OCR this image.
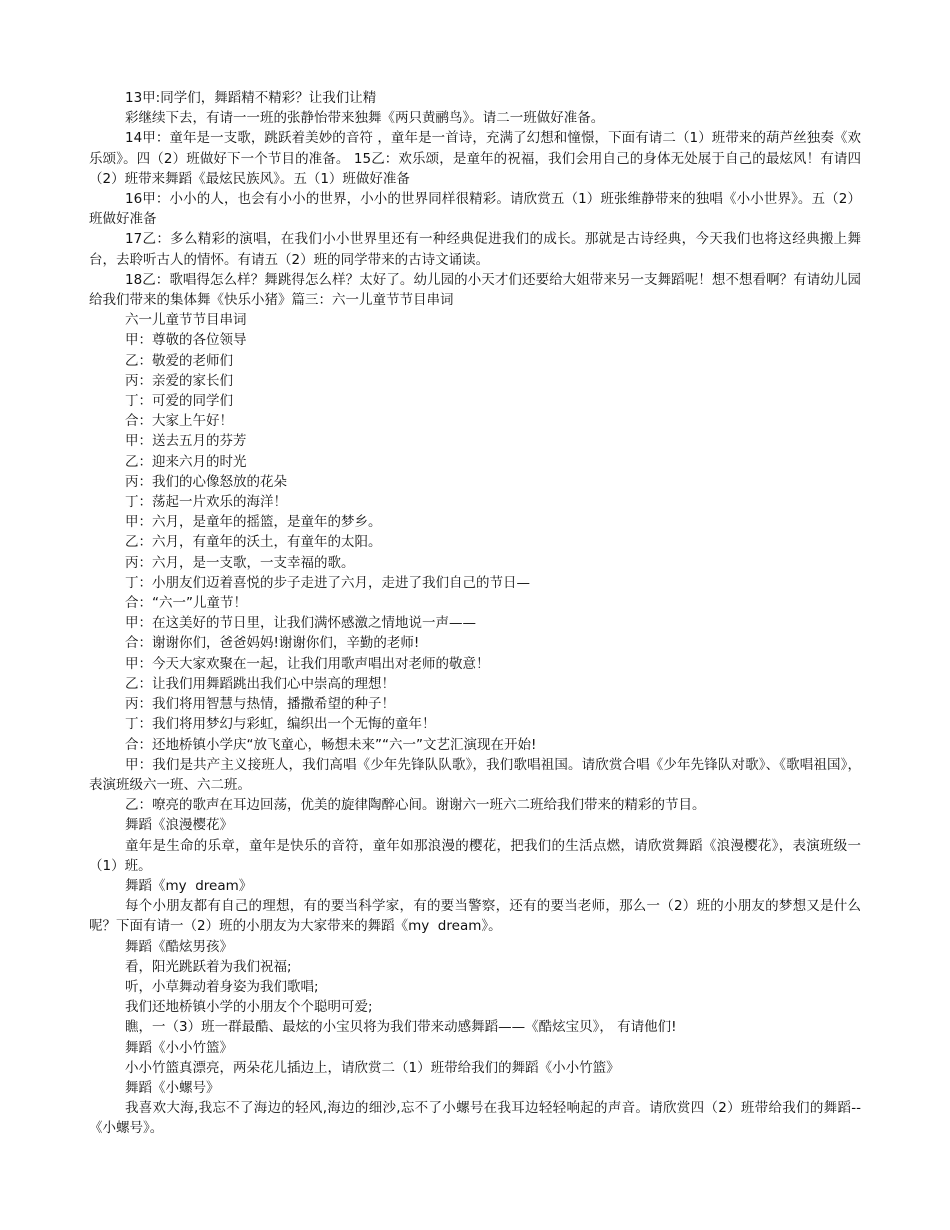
13甲:同学们，舞蹈精不精彩？让我们让精

彩继续下去，有请一一班的张静怡带来独舞《两只黄鹂鸟》。请二一班做好准备。

14甲：童年是一支歌，跳跃着美妙的音符 ，童年是一首诗，充满了幻想和憧憬，下面有请二（1）班带来的葫芦丝独奏《欢乐颂》。四（2）班做好下一个节目的准备。 15乙：欢乐颂，是童年的祝福，我们会用自己的身体无处展于自己的最炫风！有请四（2）班带来舞蹈《最炫民族风》。五（1）班做好准备

16甲：小小的人，也会有小小的世界，小小的世界同样很精彩。请欣赏五（1）班张维静带来的独唱《小小世界》。五（2）班做好准备

17乙：多么精彩的演唱，在我们小小世界里还有一种经典促进我们的成长。那就是古诗经典，今天我们也将这经典搬上舞台，去聆听古人的情怀。有请五（2）班的同学带来的古诗文诵读。

18乙：歌唱得怎么样？舞跳得怎么样？太好了。幼儿园的小天才们还要给大姐带来另一支舞蹈呢！想不想看啊？有请幼儿园给我们带来的集体舞《快乐小猪》篇三：六一儿童节节目串词

六一儿童节节目串词

甲：尊敬的各位领导

乙：敬爱的老师们

丙：亲爱的家长们

丁：可爱的同学们

合：大家上午好！

甲：送去五月的芬芳

乙：迎来六月的时光

丙：我们的心像怒放的花朵

丁：荡起一片欢乐的海洋！

甲：六月，是童年的摇篮，是童年的梦乡。

乙：六月，有童年的沃土，有童年的太阳。

丙：六月，是一支歌，一支幸福的歌。

丁：小朋友们迈着喜悦的步子走进了六月，走进了我们自己的节日—

合：“六一”儿童节！

甲：在这美好的节日里，让我们满怀感激之情地说一声——

合：谢谢你们，爸爸妈妈!谢谢你们，辛勤的老师!

甲：今天大家欢聚在一起，让我们用歌声唱出对老师的敬意！

乙：让我们用舞蹈跳出我们心中崇高的理想！

丙：我们将用智慧与热情，播撒希望的种子！

丁：我们将用梦幻与彩虹，编织出一个无悔的童年！

合：还地桥镇小学庆“放飞童心，畅想未来”“六一”文艺汇演现在开始!

甲：我们是共产主义接班人，我们高唱《少年先锋队队歌》，我们歌唱祖国。请欣赏合唱《少年先锋队对歌》、《歌唱祖国》，表演班级六一班、六二班。

乙：嘹亮的歌声在耳边回荡，优美的旋律陶醉心间。谢谢六一班六二班给我们带来的精彩的节目。

舞蹈《浪漫樱花》

童年是生命的乐章，童年是快乐的音符，童年如那浪漫的樱花，把我们的生活点燃，请欣赏舞蹈《浪漫樱花》，表演班级一（1）班。

舞蹈《my  dream》

每个小朋友都有自己的理想，有的要当科学家，有的要当警察，还有的要当老师，那么一（2）班的小朋友的梦想又是什么呢？下面有请一（2）班的小朋友为大家带来的舞蹈《my  dream》。

舞蹈《酷炫男孩》

看，阳光跳跃着为我们祝福;

听，小草舞动着身姿为我们歌唱;

我们还地桥镇小学的小朋友个个聪明可爱;

瞧，一（3）班一群最酷、最炫的小宝贝将为我们带来动感舞蹈——《酷炫宝贝》， 有请他们!

舞蹈《小小竹篮》

小小竹篮真漂亮，两朵花儿插边上，请欣赏二（1）班带给我们的舞蹈《小小竹篮》

舞蹈《小螺号》

我喜欢大海,我忘不了海边的轻风,海边的细沙,忘不了小螺号在我耳边轻轻响起的声音。请欣赏四（2）班带给我们的舞蹈--《小螺号》。
